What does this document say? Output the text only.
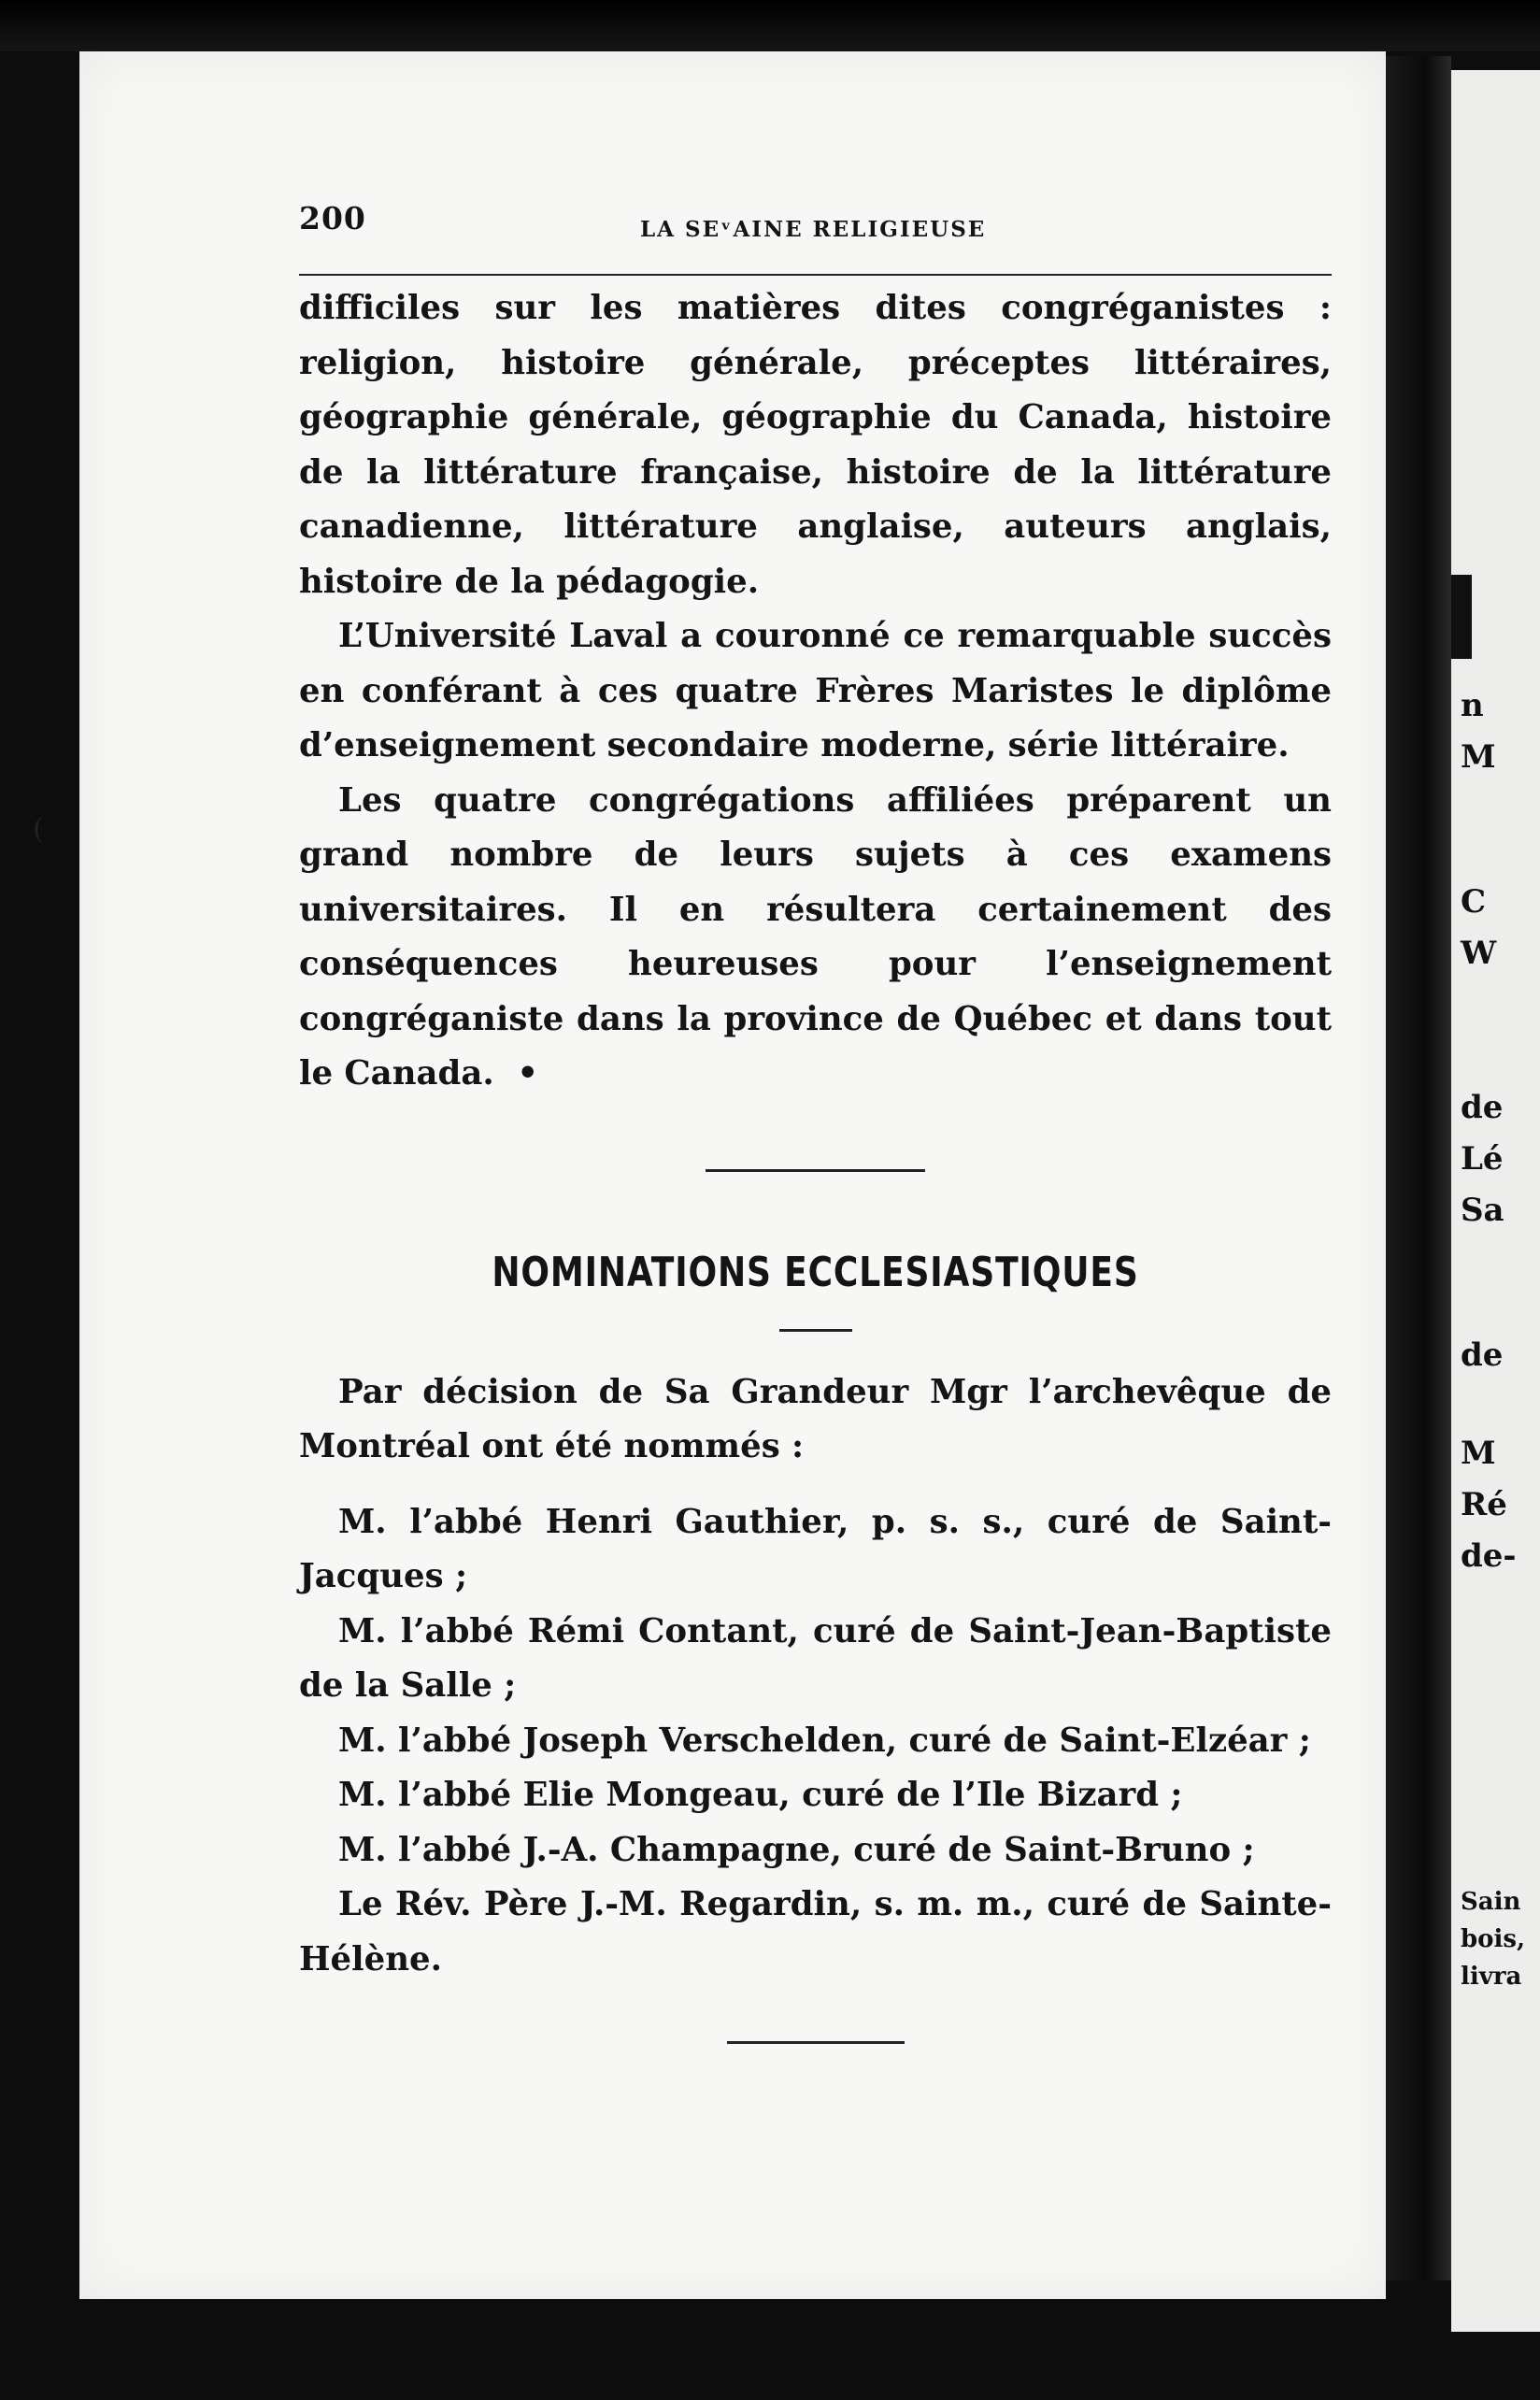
n
M
C
W
de
Lé
Sa
de
M
Ré
de-
Sain
bois,
livra
(
200	LA SEᵛAINE RELIGIEUSE

difficiles sur les matières dites congréganistes : religion, histoire générale, préceptes littéraires, géographie générale, géographie du Canada, histoire de la littérature française, histoire de la littérature canadienne, littérature anglaise, auteurs anglais, histoire de la pédagogie.

L’Université Laval a couronné ce remarquable succès en conférant à ces quatre Frères Maristes le diplôme d’enseignement secondaire moderne, série littéraire.

Les quatre congrégations affiliées préparent un grand nombre de leurs sujets à ces examens universitaires. Il en résultera certainement des conséquences heureuses pour l’enseignement congréganiste dans la province de Québec et dans tout le Canada. •

NOMINATIONS ECCLESIASTIQUES

Par décision de Sa Grandeur Mgr l’archevêque de Montréal ont été nommés :

M. l’abbé Henri Gauthier, p. s. s., curé de Saint-Jacques ;

M. l’abbé Rémi Contant, curé de Saint-Jean-Baptiste de la Salle ;

M. l’abbé Joseph Verschelden, curé de Saint-Elzéar ;

M. l’abbé Elie Mongeau, curé de l’Ile Bizard ;

M. l’abbé J.-A. Champagne, curé de Saint-Bruno ;

Le Rév. Père J.-M. Regardin, s. m. m., curé de Sainte-Hélène.
